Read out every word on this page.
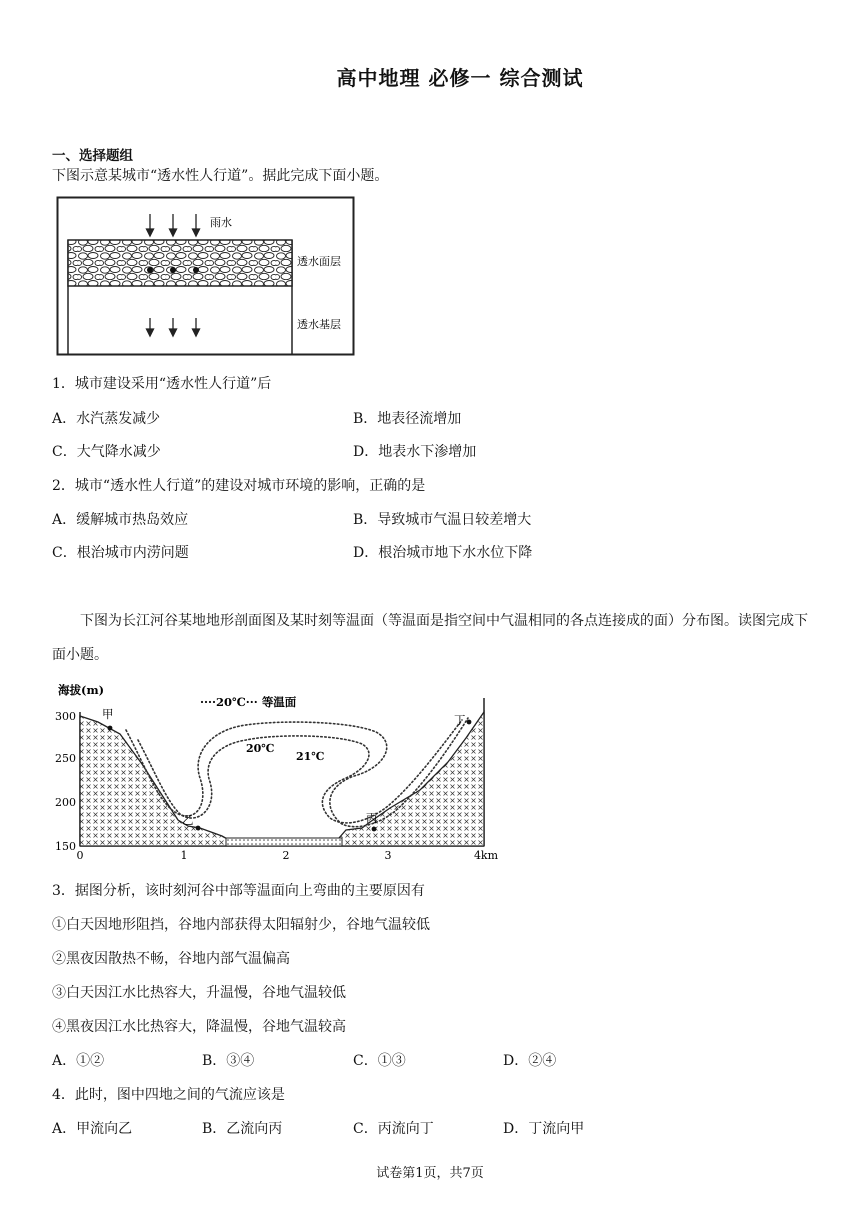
高中地理 必修一 综合测试
一、选择题组
下图示意某城市“透水性人行道”。据此完成下面小题。
雨水
透水面层
透水基层
1．城市建设采用“透水性人行道”后
A．水汽蒸发减少	B．地表径流增加
C．大气降水减少	D．地表水下渗增加
2．城市“透水性人行道”的建设对城市环境的影响，正确的是
A．缓解城市热岛效应	B．导致城市气温日较差增大
C．根治城市内涝问题	D．根治城市地下水水位下降
下图为长江河谷某地地形剖面图及某时刻等温面（等温面是指空间中气温相同的各点连接成的面）分布图。读图完成下面小题。
海拔(m)
····20℃··· 等温面
20℃
21℃
300
250
200
150
0	1	2	3	4km
甲
乙	丙
丁
3．据图分析，该时刻河谷中部等温面向上弯曲的主要原因有
①白天因地形阻挡，谷地内部获得太阳辐射少，谷地气温较低
②黑夜因散热不畅，谷地内部气温偏高
③白天因江水比热容大，升温慢，谷地气温较低
④黑夜因江水比热容大，降温慢，谷地气温较高
A．①②	B．③④	C．①③	D．②④
4．此时，图中四地之间的气流应该是
A．甲流向乙	B．乙流向丙	C．丙流向丁	D．丁流向甲
试卷第1页，共7页
